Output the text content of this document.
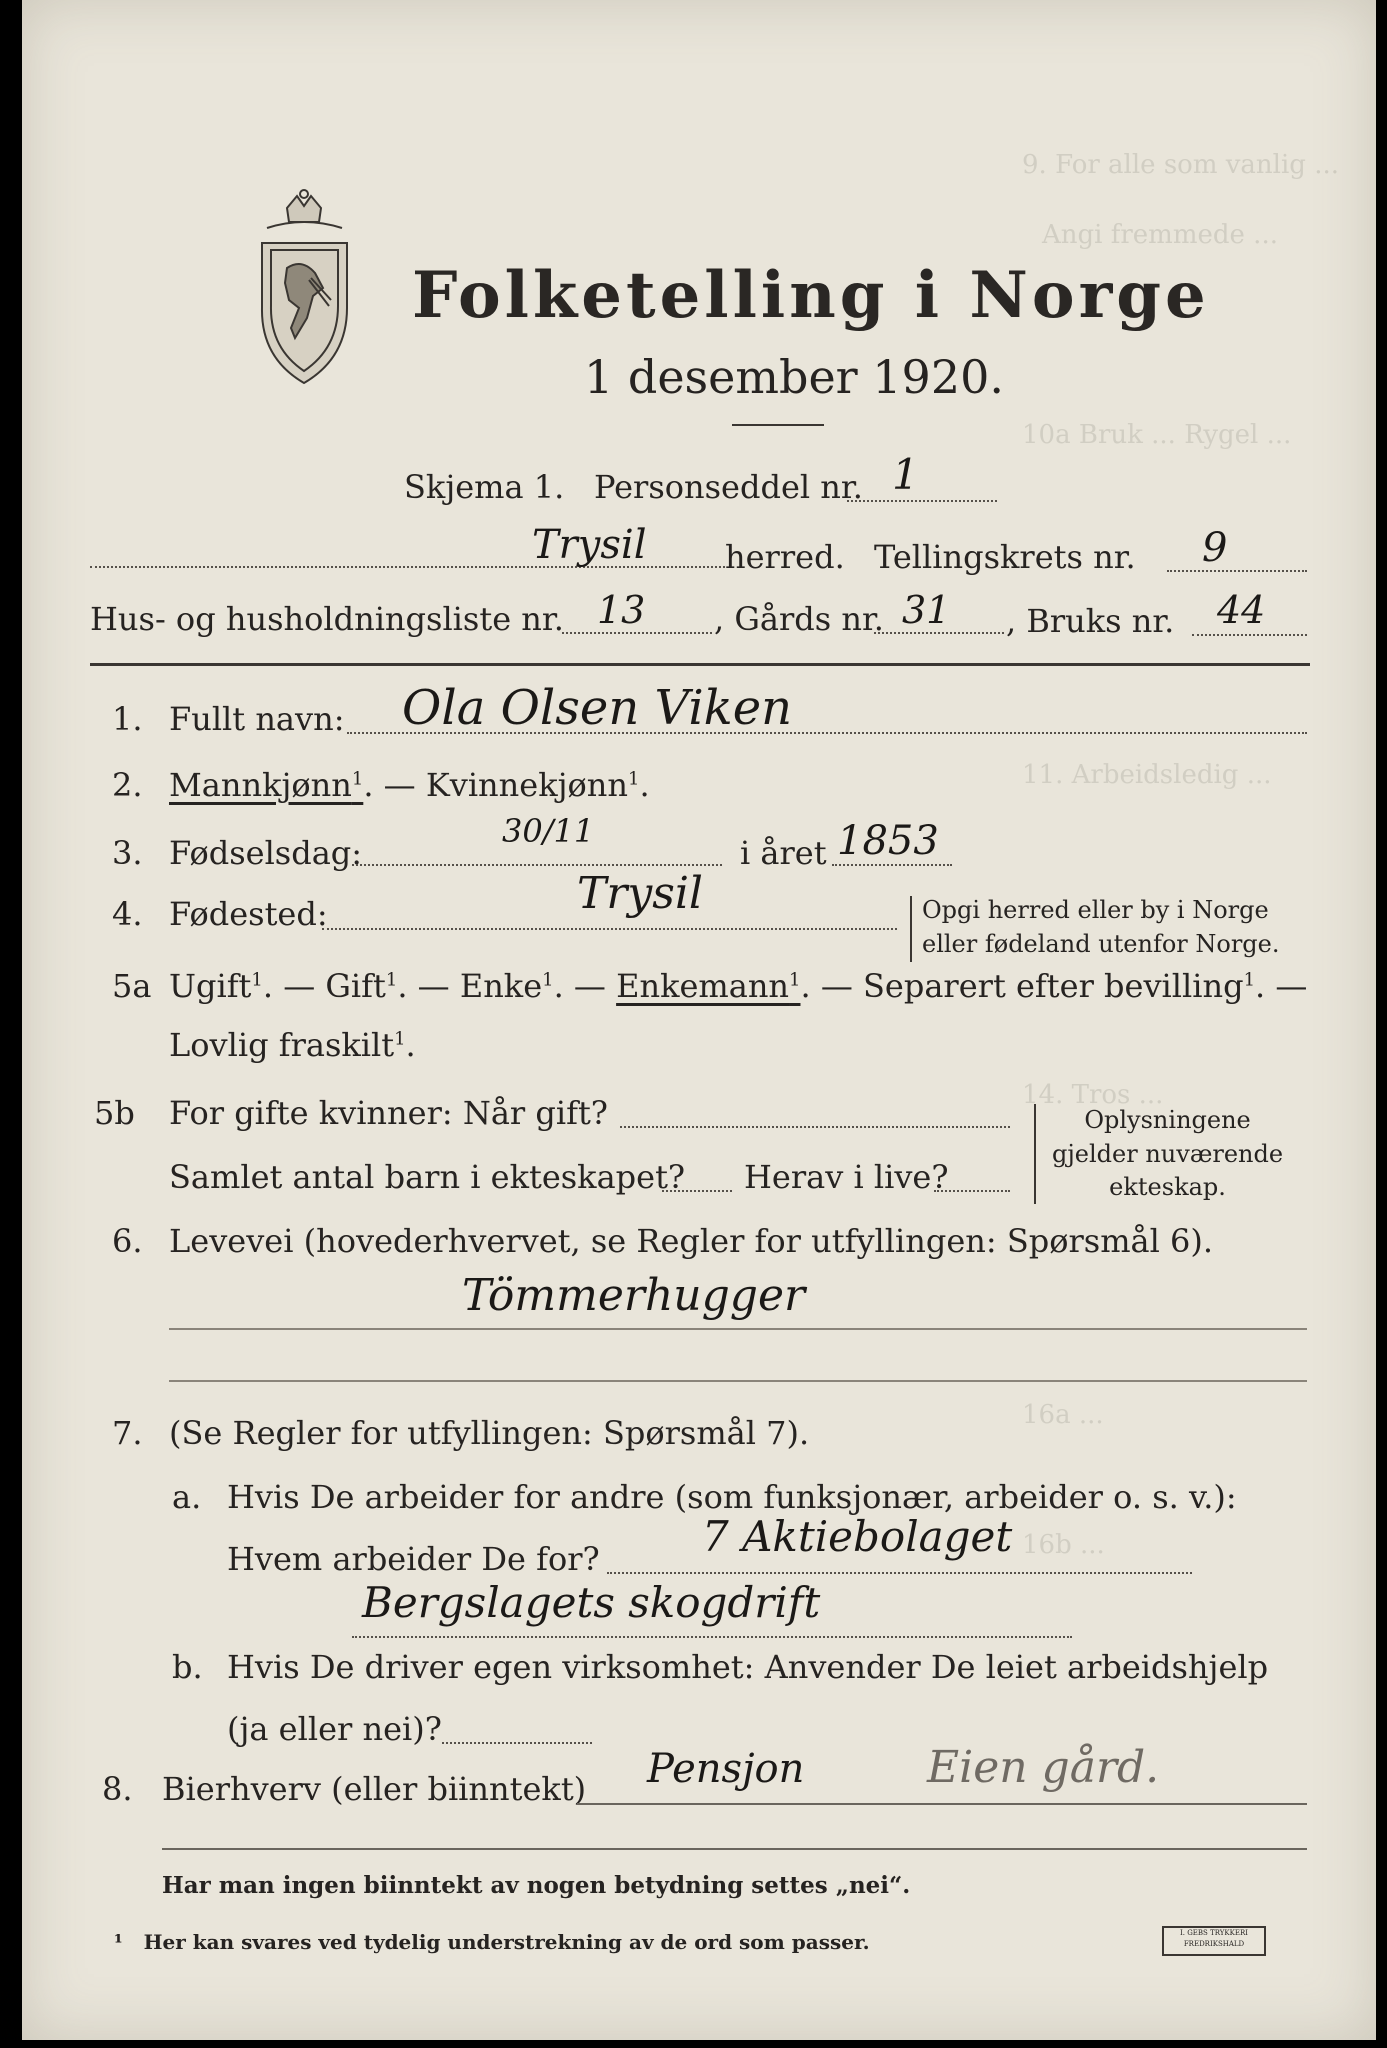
9. For alle som vanlig ...
Angi fremmede ...
10a Bruk ... Rygel ...
11. Arbeidsledig ...
14. Tros ...
16a ...
16b ...
Folketelling i Norge
1 desember 1920.
Skjema 1. Personseddel nr. 1
Trysil herred. Tellingskrets nr. 9
Hus- og husholdningsliste nr. 13 , Gårds nr. 31 , Bruks nr. 44
1. Fullt navn: Ola Olsen Viken
2. Mannkjønn$^1$. — Kvinnekjønn$^1$.
3. Fødselsdag:
30/11
i året 1853
4. Fødested:	Trysil	Opgi herred eller by i Norge
eller fødeland utenfor Norge.
5a Ugift$^1$. — Gift$^1$. — Enke$^1$. — Enkemann$^1$. — Separert efter bevilling$^1$. —
Lovlig fraskilt$^1$.
5b For gifte kvinner: Når gift?
Samlet antal barn i ekteskapet? Herav i live?
Oplysningene
gjelder nuværende
ekteskap.
6. Levevei (hovederhvervet, se Regler for utfyllingen: Spørsmål 6).
Tömmerhugger
7. (Se Regler for utfyllingen: Spørsmål 7).
a. Hvis De arbeider for andre (som funksjonær, arbeider o. s. v.):
Hvem arbeider De for? 7 Aktiebolaget
Bergslagets skogdrift
b. Hvis De driver egen virksomhet: Anvender De leiet arbeidshjelp
(ja eller nei)?
8. Bierhverv (eller biinntekt) Pensjon	Eien gård.
Har man ingen biinntekt av nogen betydning settes „nei“.
¹ Her kan svares ved tydelig understrekning av de ord som passer.	I. GEBS TRYKKERI
FREDRIKSHALD
